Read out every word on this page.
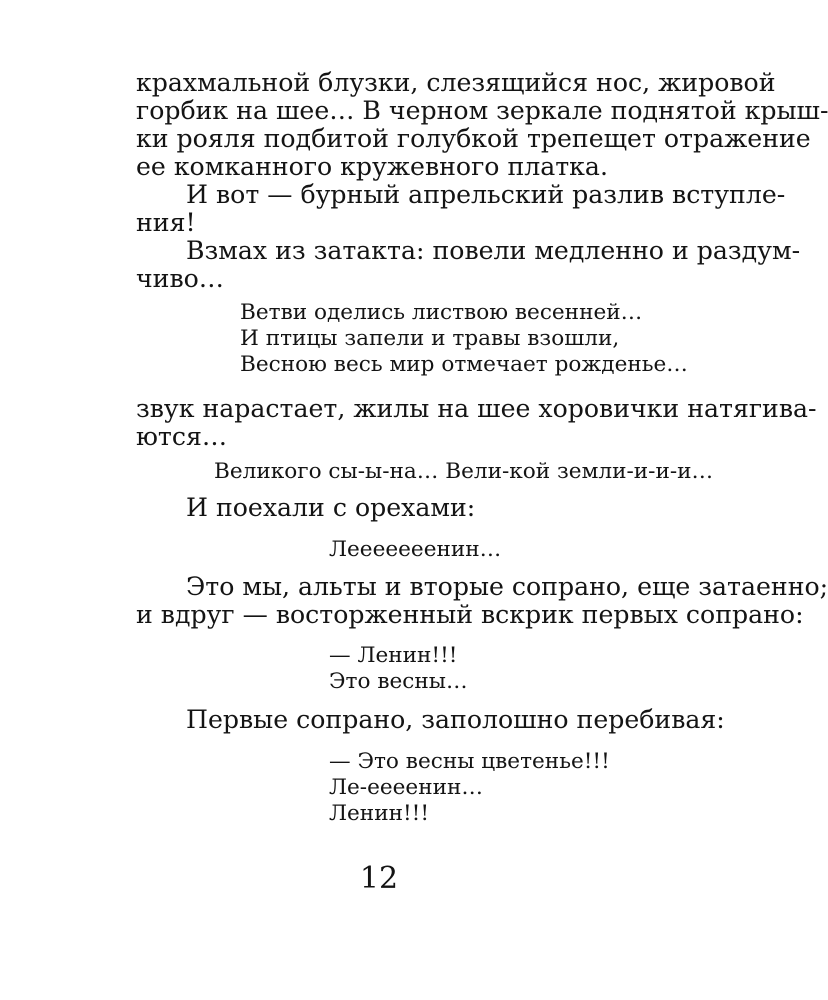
крахмальной блузки, слезящийся нос, жировой

горбик на шее… В черном зеркале поднятой крыш-

ки рояля подбитой голубкой трепещет отражение

ее комканного кружевного платка.

И вот — бурный апрельский разлив вступле-

ния!

Взмах из затакта: повели медленно и раздум-

чиво…

Ветви оделись листвою весенней…

И птицы запели и травы взошли,

Весною весь мир отмечает рожденье…

звук нарастает, жилы на шее хоровички натягива-

ются…

Великого сы-ы-на… Вели-кой земли-и-и-и…

И поехали с орехами:

Лееееееенин…

Это мы, альты и вторые сопрано, еще затаенно;

и вдруг — восторженный вскрик первых сопрано:

— Ленин!!!

Это весны…

Первые сопрано, заполошно перебивая:

— Это весны цветенье!!!

Ле-ееeенин…

Ленин!!!

12
